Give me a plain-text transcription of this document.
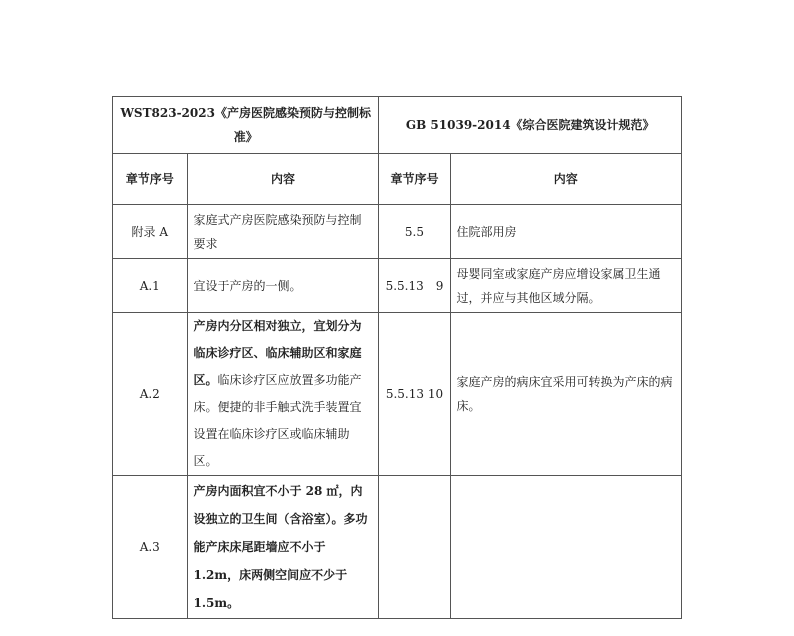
WST823-2023《产房医院感染预防与控制标准》		GB 51039-2014《综合医院建筑设计规范》	
章节序号	内容	章节序号	内容
附录 A	家庭式产房医院感染预防与控制要求	5.5	住院部用房
A.1	宜设于产房的一侧。	5.5.13　9	母婴同室或家庭产房应增设家属卫生通过，并应与其他区域分隔。
A.2	产房内分区相对独立，宜划分为临床诊疗区、临床辅助区和家庭区。临床诊疗区应放置多功能产床。便捷的非手触式洗手装置宜设置在临床诊疗区或临床辅助区。	5.5.13 10	家庭产房的病床宜采用可转换为产床的病床。
A.3	产房内面积宜不小于 28 ㎡，内设独立的卫生间（含浴室）。多功能产床床尾距墙应不小于 1.2m，床两侧空间应不少于 1.5m。		
